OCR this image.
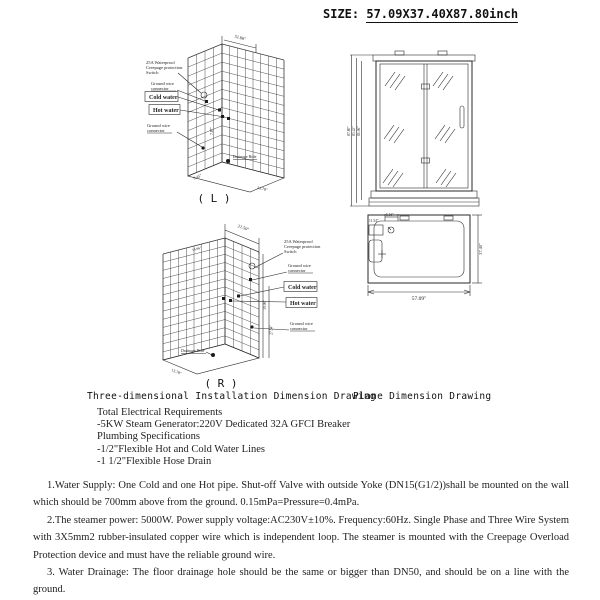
SIZE: 57.09X37.40X87.80inch
Drainage Hole
25A Waterproof
Creepage protection
Switch
Ground wire
connector
Cold water
Hot water
Ground wire
connector
51.66"
7.87"
9.45"
23.78"
( L )
Drainage Hole
25A Waterproof
Creepage protection
Switch
Ground wire
connector
Cold water
Hot water
Ground wire
connector
21.50"
14.96"
39.06"
27.54"
13.78"
( R )
87.80" 83.43" 81.06"
57.09"
37.40"
11.54"
5.16"
Three-dimensional Installation Dimension Drawing
Plane Dimension Drawing
Total Electrical Requirements
-5KW Steam Generator:220V Dedicated 32A GFCI Breaker
Plumbing Specifications
-1/2"Flexible Hot and Cold Water Lines
-1 1/2"Flexible Hose Drain

1.Water Supply: One Cold and one Hot pipe. Shut-off Valve with outside Yoke (DN15(G1/2))shall be mounted on the wall which should be 700mm above from the ground. 0.15mPa=Pressure=0.4mPa.

2.The steamer power: 5000W. Power supply voltage:AC230V±10%. Frequency:60Hz. Single Phase and Three Wire System with 3X5mm2 rubber-insulated copper wire which is independent loop. The steamer is mounted with the Creepage Overload Protection device and must have the reliable ground wire.

3. Water Drainage: The floor drainage hole should be the same or bigger than DN50, and should be on a line with the ground.
